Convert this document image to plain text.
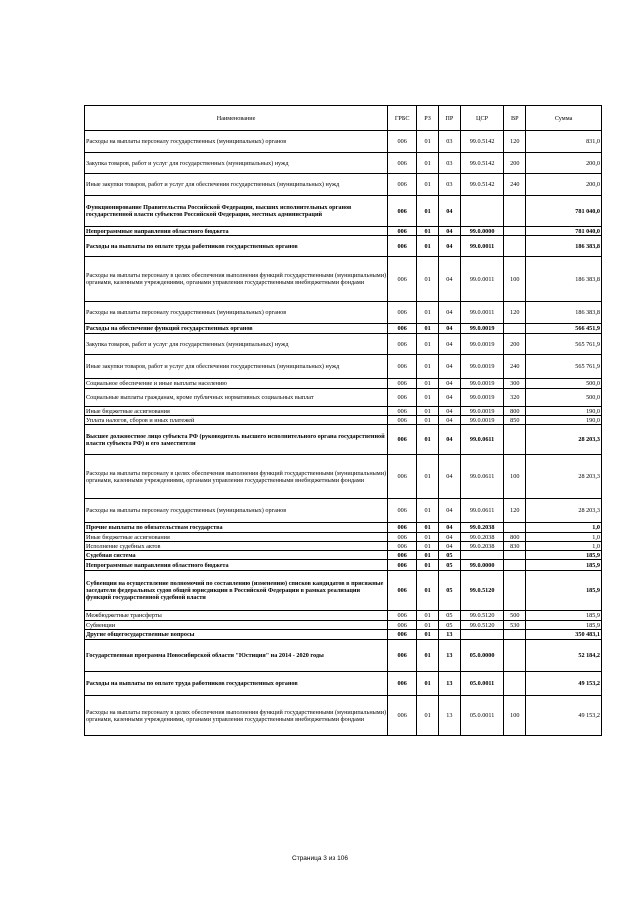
Наименование	ГРБС	РЗ	ПР	ЦСР	ВР	Сумма
Расходы на выплаты персоналу государственных (муниципальных) органов	006	01	03	99.0.5142	120	831,0
Закупка товаров, работ и услуг для государственных (муниципальных) нужд	006	01	03	99.0.5142	200	200,0
Иные закупки товаров, работ и услуг для обеспечения государственных (муниципальных) нужд	006	01	03	99.0.5142	240	200,0
Функционирование Правительства Российской Федерации, высших исполнительных органов государственной власти субъектов Российской Федерации, местных администраций	006	01	04			781 040,0
Непрограммные направления областного бюджета	006	01	04	99.0.0000		781 040,0
Расходы на выплаты по оплате труда работников государственных органов	006	01	04	99.0.0011		186 383,8
Расходы на выплаты персоналу в целях обеспечения выполнения функций государственными (муниципальными) органами, казенными учреждениями, органами управления государственными внебюджетными фондами	006	01	04	99.0.0011	100	186 383,8
Расходы на выплаты персоналу государственных (муниципальных) органов	006	01	04	99.0.0011	120	186 383,8
Расходы на обеспечение функций государственных органов	006	01	04	99.0.0019		566 451,9
Закупка товаров, работ и услуг для государственных (муниципальных) нужд	006	01	04	99.0.0019	200	565 761,9
Иные закупки товаров, работ и услуг для обеспечения государственных (муниципальных) нужд	006	01	04	99.0.0019	240	565 761,9
Социальное обеспечение и иные выплаты населению	006	01	04	99.0.0019	300	500,0
Социальные выплаты гражданам, кроме публичных нормативных социальных выплат	006	01	04	99.0.0019	320	500,0
Иные бюджетные ассигнования	006	01	04	99.0.0019	800	190,0
Уплата налогов, сборов и иных платежей	006	01	04	99.0.0019	850	190,0
Высшее должностное лицо субъекта РФ (руководитель высшего исполнительного органа государственной власти субъекта РФ) и его заместители	006	01	04	99.0.0611		28 203,3
Расходы на выплаты персоналу в целях обеспечения выполнения функций государственными (муниципальными) органами, казенными учреждениями, органами управления государственными внебюджетными фондами	006	01	04	99.0.0611	100	28 203,3
Расходы на выплаты персоналу государственных (муниципальных) органов	006	01	04	99.0.0611	120	28 203,3
Прочие выплаты по обязательствам государства	006	01	04	99.0.2038		1,0
Иные бюджетные ассигнования	006	01	04	99.0.2038	800	1,0
Исполнение судебных актов	006	01	04	99.0.2038	830	1,0
Судебная система	006	01	05			185,9
Непрограммные направления областного бюджета	006	01	05	99.0.0000		185,9
Субвенции на осуществление полномочий по составлению (изменению) списков кандидатов в присяжные заседатели федеральных судов общей юрисдикции в Российской Федерации в рамках реализации функций государственной судебной власти	006	01	05	99.0.5120		185,9
Межбюджетные трансферты	006	01	05	99.0.5120	500	185,9
Субвенции	006	01	05	99.0.5120	530	185,9
Другие общегосударственные вопросы	006	01	13			350 483,1
Государственная программа Новосибирской области "Юстиция" на 2014 - 2020 годы	006	01	13	05.0.0000		52 184,2
Расходы на выплаты по оплате труда работников государственных органов	006	01	13	05.0.0011		49 153,2
Расходы на выплаты персоналу в целях обеспечения выполнения функций государственными (муниципальными) органами, казенными учреждениями, органами управления государственными внебюджетными фондами	006	01	13	05.0.0011	100	49 153,2
Страница 3 из 106
